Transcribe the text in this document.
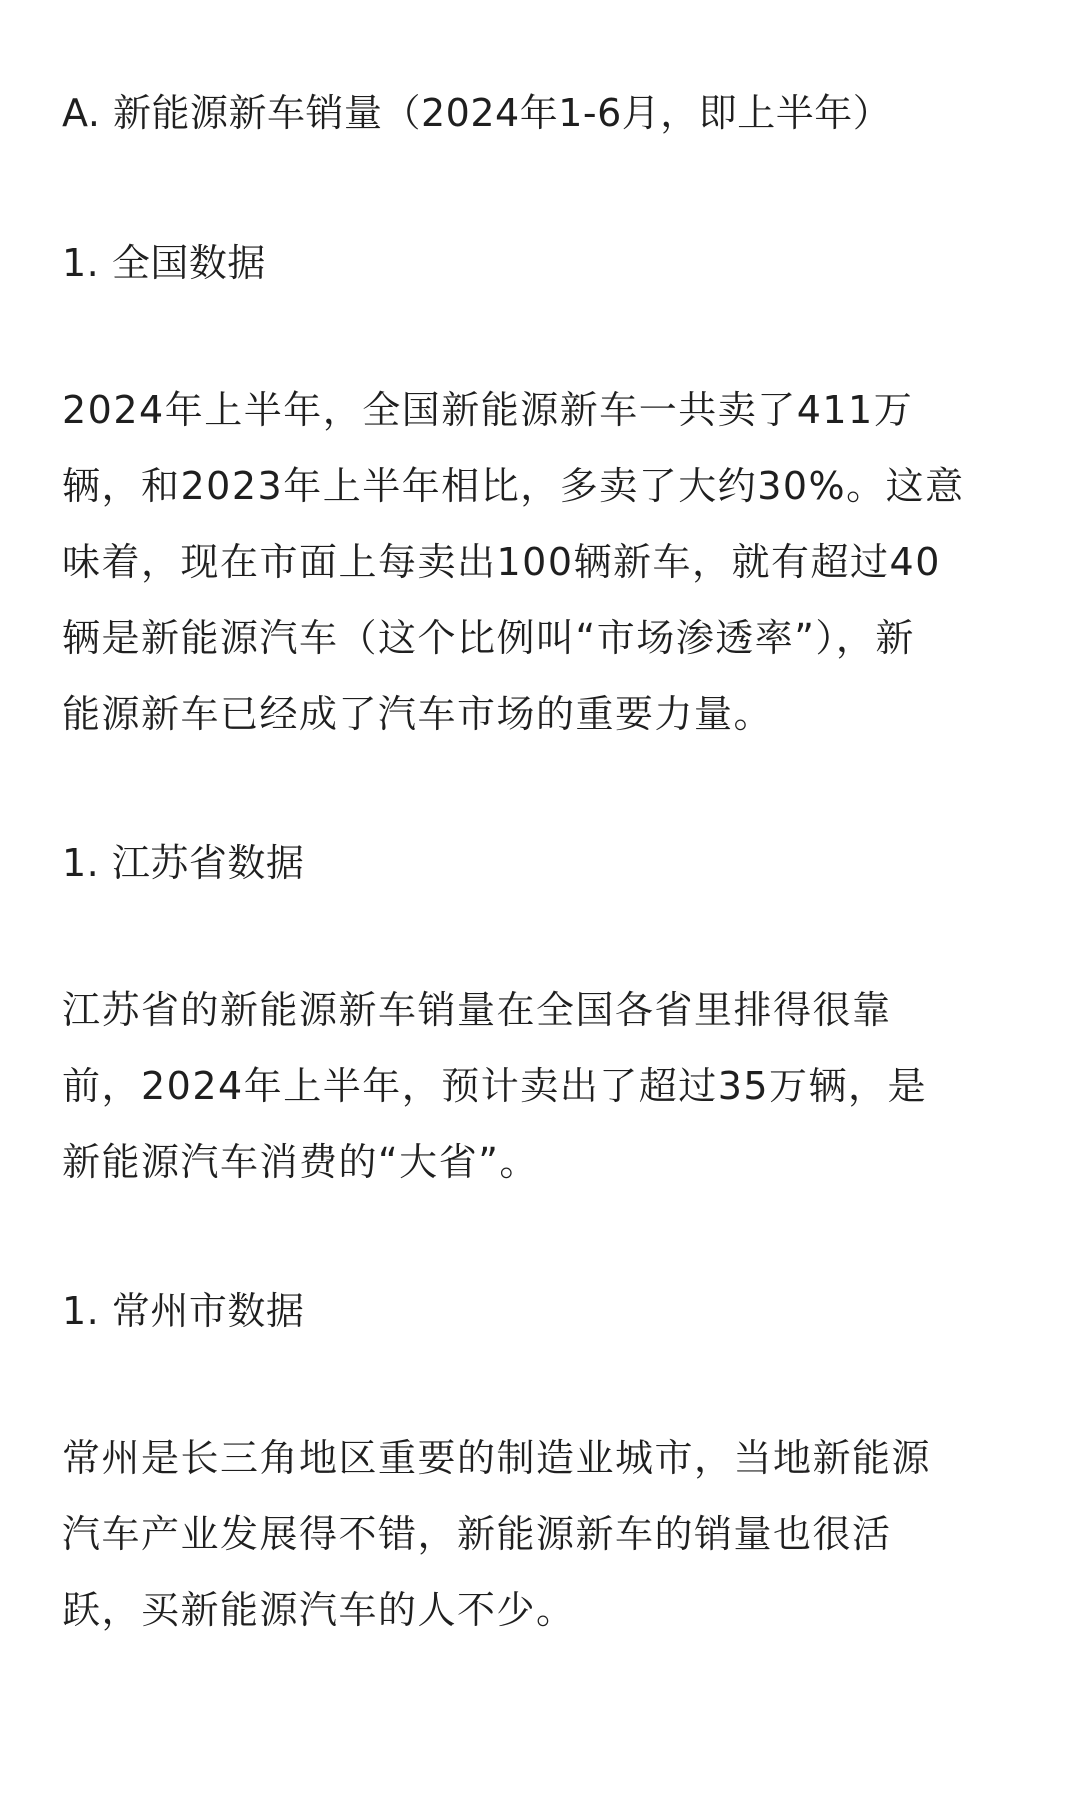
A. 新能源新车销量（2024年1-6月，即上半年）
1. 全国数据

2024年上半年，全国新能源新车一共卖了411万
辆，和2023年上半年相比，多卖了大约30%。这意
味着，现在市面上每卖出100辆新车，就有超过40
辆是新能源汽车（这个比例叫“市场渗透率”），新
能源新车已经成了汽车市场的重要力量。

1. 江苏省数据

江苏省的新能源新车销量在全国各省里排得很靠
前，2024年上半年，预计卖出了超过35万辆，是
新能源汽车消费的“大省”。

1. 常州市数据

常州是长三角地区重要的制造业城市，当地新能源
汽车产业发展得不错，新能源新车的销量也很活
跃，买新能源汽车的人不少。
